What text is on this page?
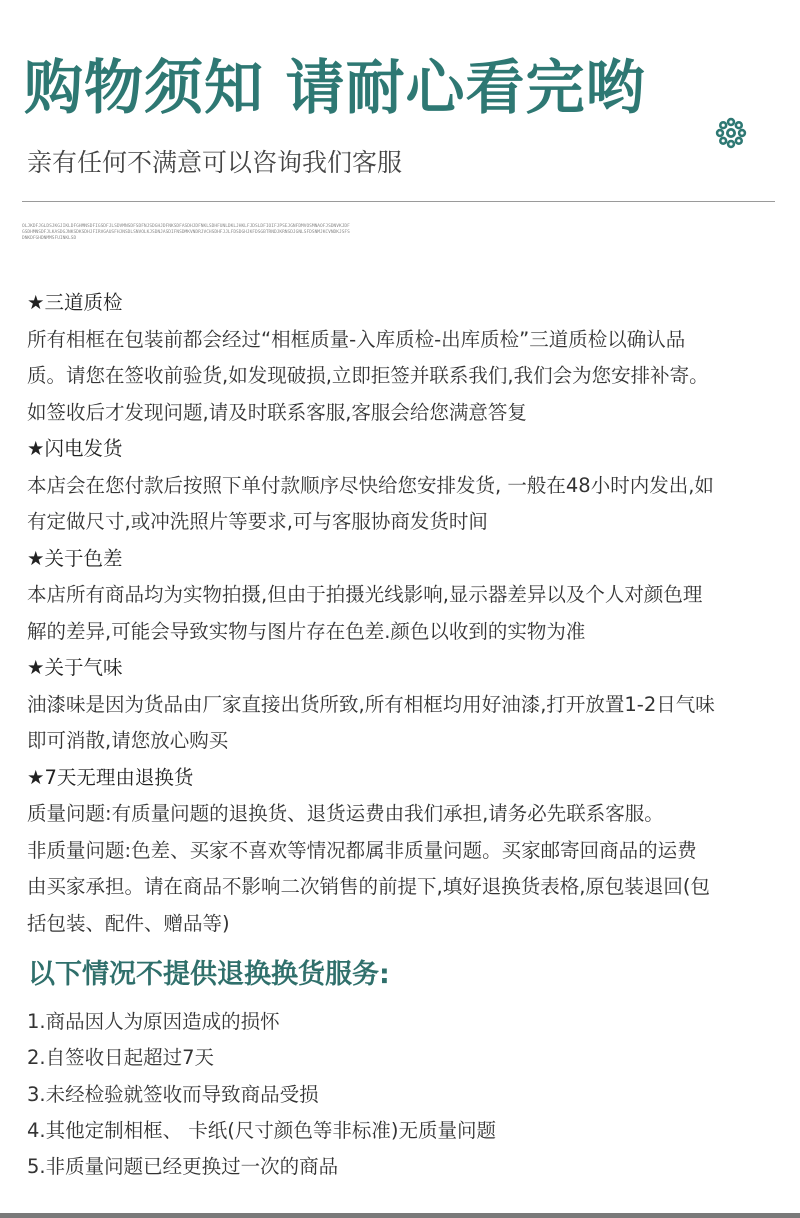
购物须知 请耐心看完哟
亲有任何不满意可以咨询我们客服
OLJKDFJGLDSJKGJIKLDFGHMNSDFIGSDFJLSDVMNSDFSDFNJSDGHJDFNKSDFASDHJDFNKLSDHFUNLDKLJHKLFJDSLDFIOIFJPSEJGNFDMVOSMNAOFJSDNVKJDFGSDHMNSDFJLKASDGJNKSDKSDHJFIRVGAUSFHJNSDLSNVOLKJSDNJASDIFNSDMKVNDRJVCHSDHFJJLFDSDGHJKFDSGBTRNDJKRNSDJGNLSFDSNMJKCVNDKJSFSDNKDFGHDNMMSFUINKLSD
★三道质检
所有相框在包装前都会经过“相框质量-入库质检-出库质检”三道质检以确认品
质。请您在签收前验货,如发现破损,立即拒签并联系我们,我们会为您安排补寄。
如签收后才发现问题,请及时联系客服,客服会给您满意答复
★闪电发货
本店会在您付款后按照下单付款顺序尽快给您安排发货, 一般在48小时内发出,如
有定做尺寸,或冲洗照片等要求,可与客服协商发货时间
★关于色差
本店所有商品均为实物拍摄,但由于拍摄光线影响,显示器差异以及个人对颜色理
解的差异,可能会导致实物与图片存在色差.颜色以收到的实物为准
★关于气味
油漆味是因为货品由厂家直接出货所致,所有相框均用好油漆,打开放置1-2日气味
即可消散,请您放心购买
★7天无理由退换货
质量问题:有质量问题的退换货、退货运费由我们承担,请务必先联系客服。
非质量问题:色差、买家不喜欢等情况都属非质量问题。买家邮寄回商品的运费
由买家承担。请在商品不影响二次销售的前提下,填好退换货表格,原包装退回(包
括包装、配件、赠品等)
以下情况不提供退换换货服务:
1.商品因人为原因造成的损怀
2.自签收日起超过7天
3.未经检验就签收而导致商品受损
4.其他定制相框、 卡纸(尺寸颜色等非标准)无质量问题
5.非质量问题已经更换过一次的商品
